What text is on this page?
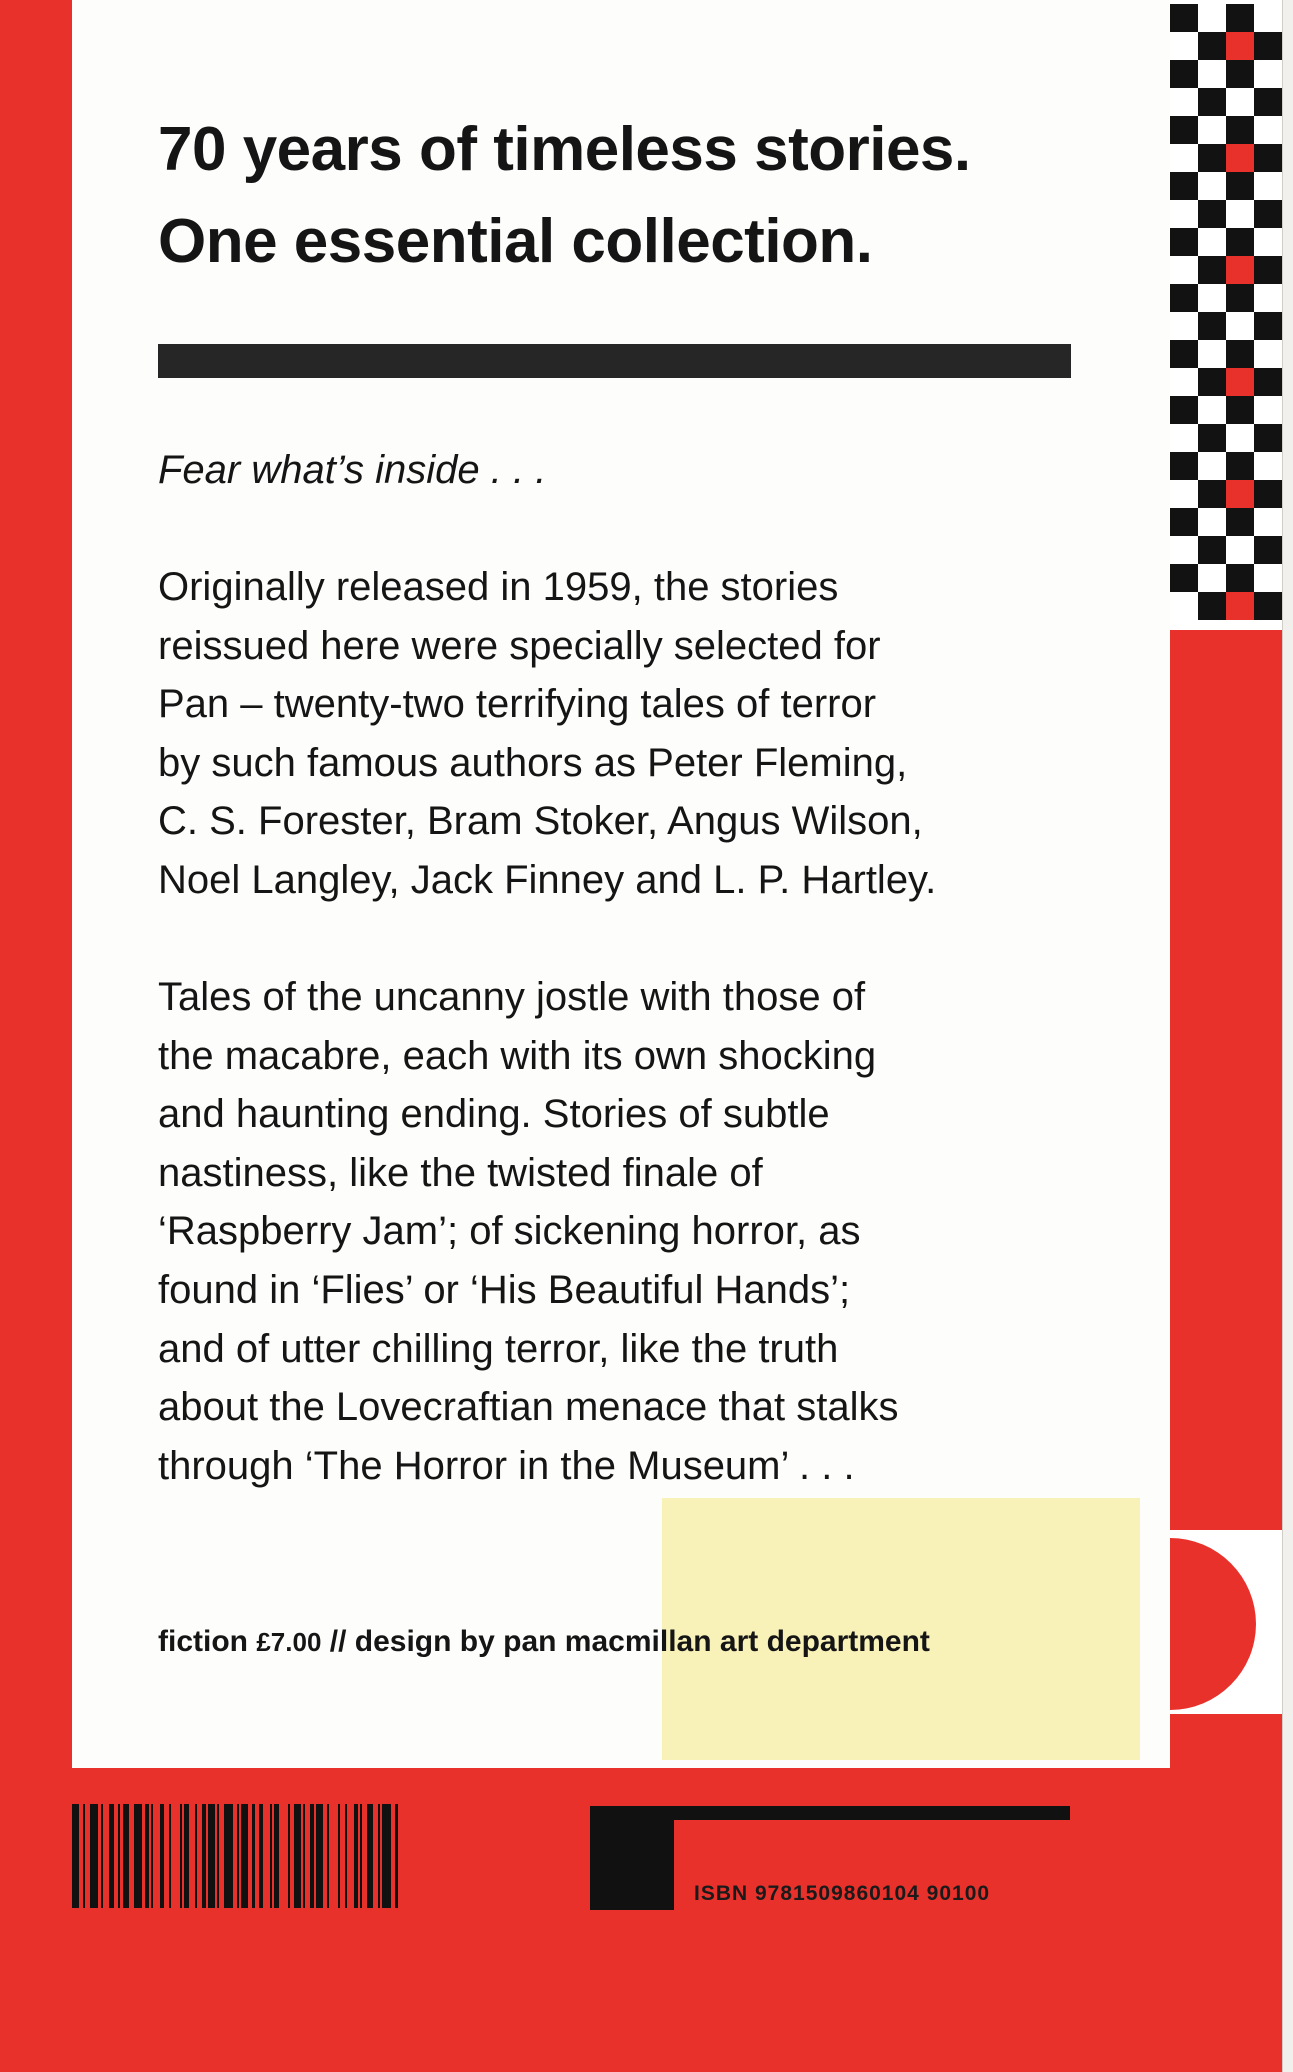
70 years of timeless stories.
One essential collection.

Fear what’s inside . . .

Originally released in 1959, the stories
reissued here were specially selected for
Pan – twenty-two terrifying tales of terror
by such famous authors as Peter Fleming,
C. S. Forester, Bram Stoker, Angus Wilson,
Noel Langley, Jack Finney and L. P. Hartley.

Tales of the uncanny jostle with those of
the macabre, each with its own shocking
and haunting ending. Stories of subtle
nastiness, like the twisted finale of
‘Raspberry Jam’; of sickening horror, as
found in ‘Flies’ or ‘His Beautiful Hands’;
and of utter chilling terror, like the truth
about the Lovecraftian menace that stalks
through ‘The Horror in the Museum’ . . .

fiction £7.00 // design by pan macmillan art department

ISBN 9781509860104 90100
